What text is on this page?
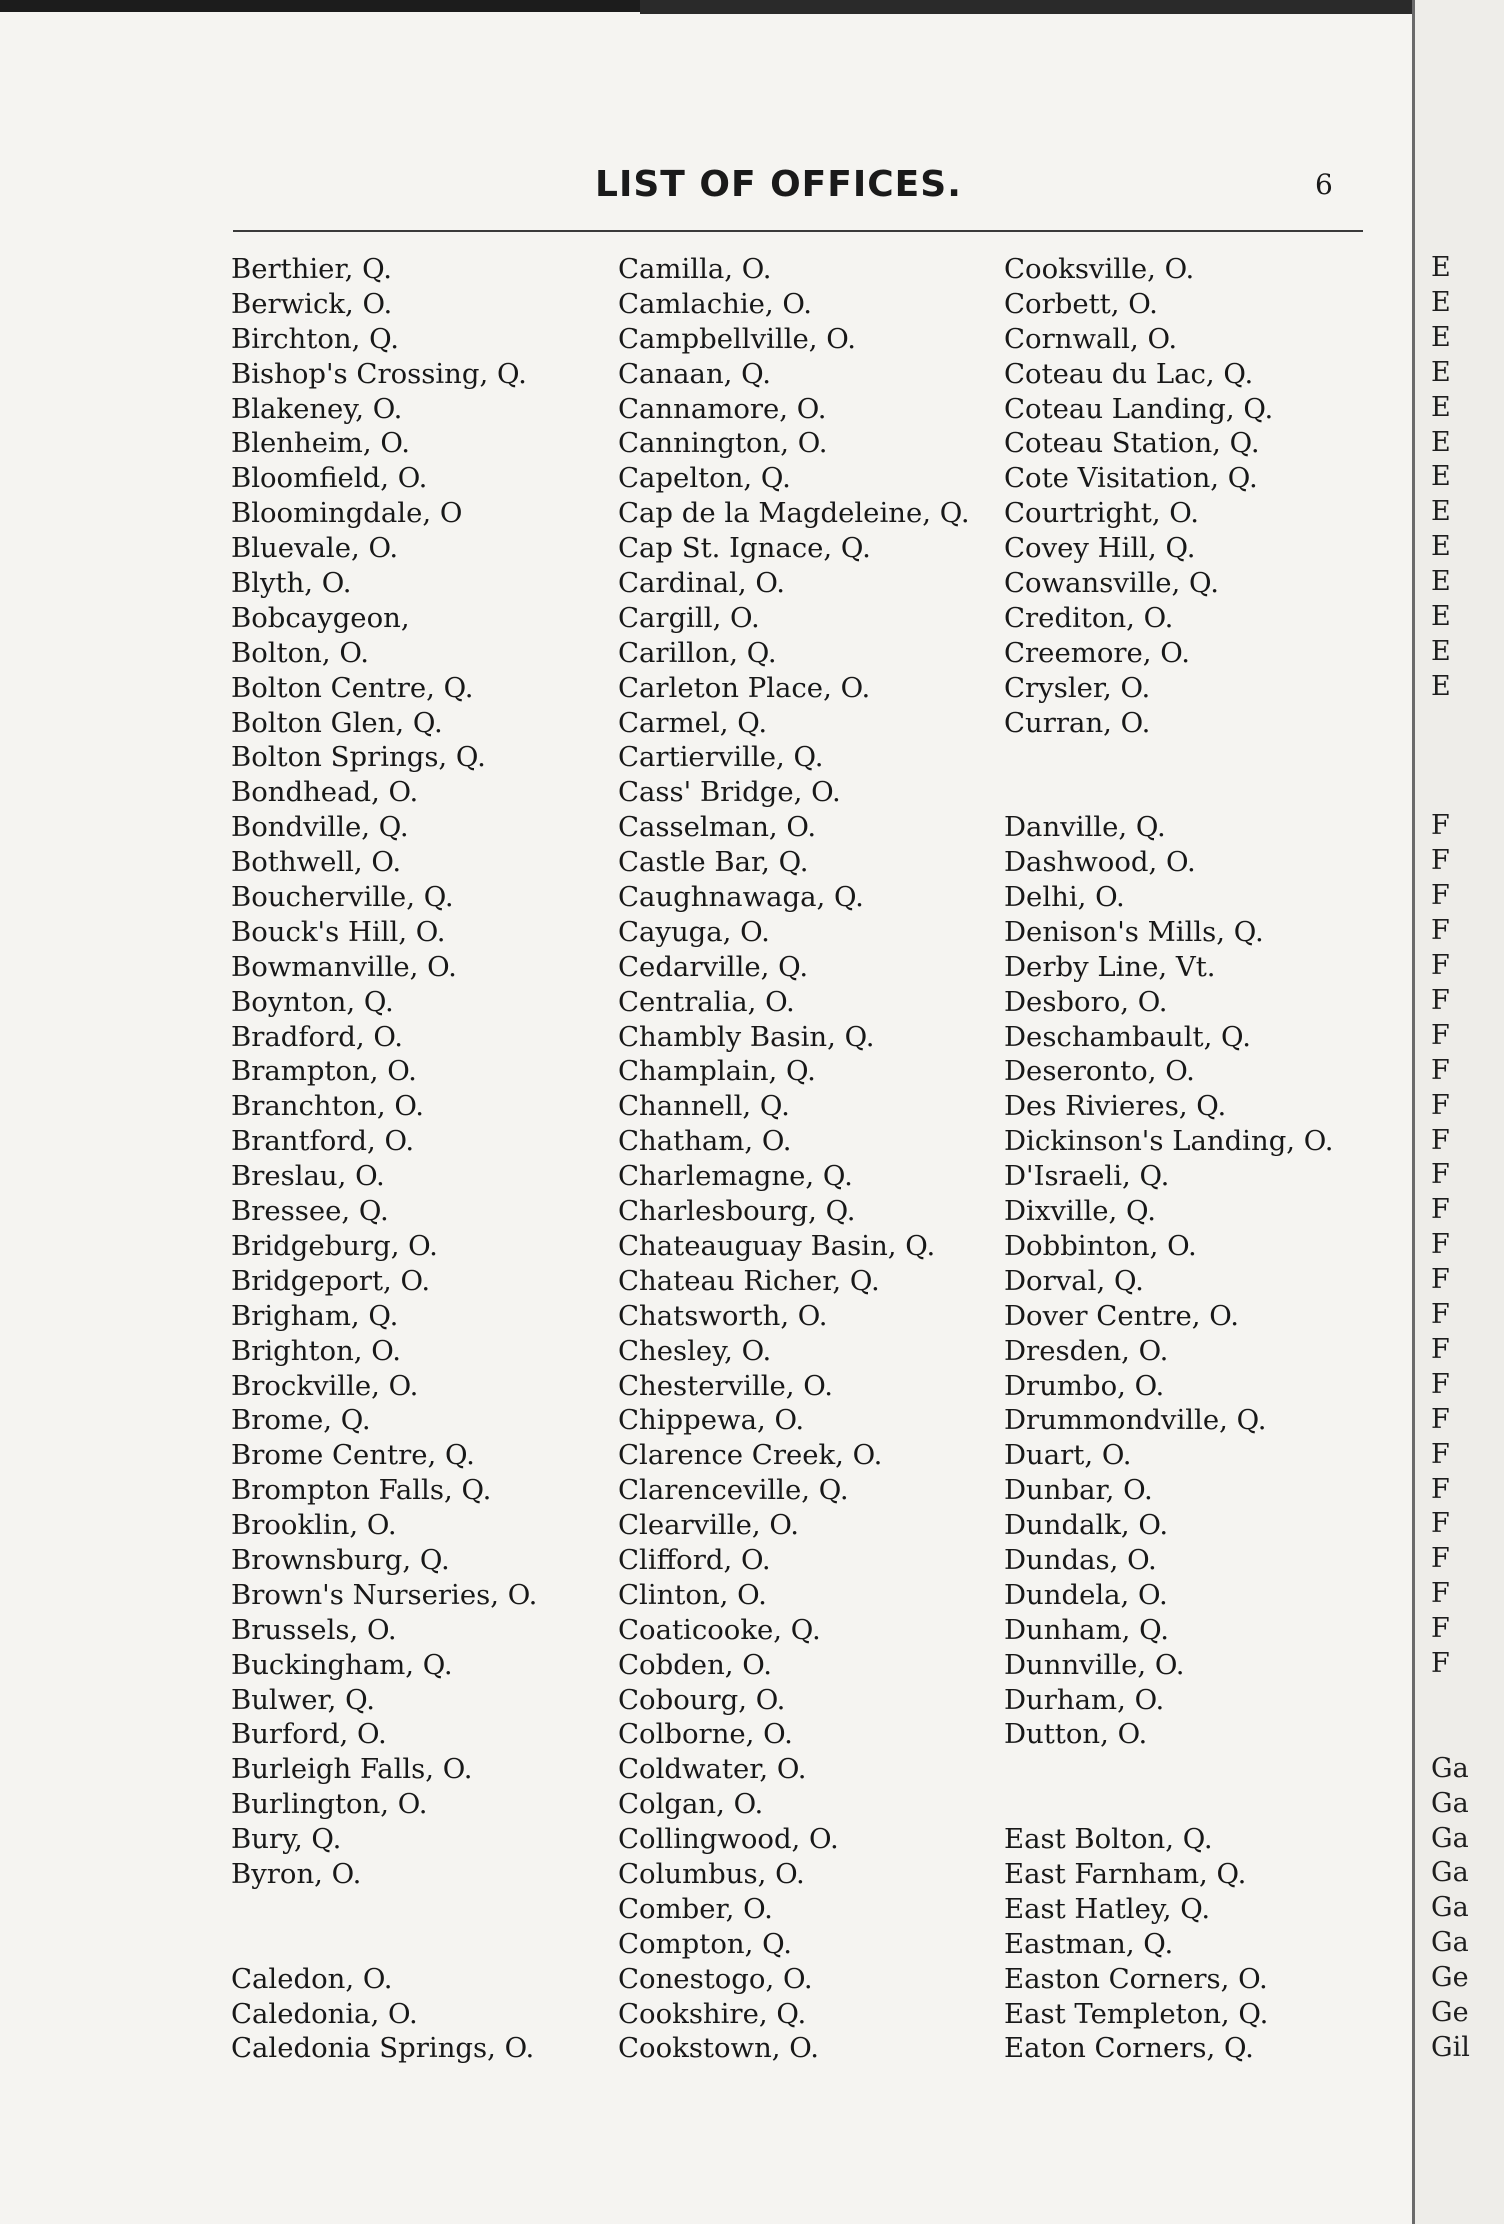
LIST OF OFFICES.	6
Berthier, Q.
Berwick, O.
Birchton, Q.
Bishop's Crossing, Q.
Blakeney, O.
Blenheim, O.
Bloomfield, O.
Bloomingdale, O
Bluevale, O.
Blyth, O.
Bobcaygeon,
Bolton, O.
Bolton Centre, Q.
Bolton Glen, Q.
Bolton Springs, Q.
Bondhead, O.
Bondville, Q.
Bothwell, O.
Boucherville, Q.
Bouck's Hill, O.
Bowmanville, O.
Boynton, Q.
Bradford, O.
Brampton, O.
Branchton, O.
Brantford, O.
Breslau, O.
Bressee, Q.
Bridgeburg, O.
Bridgeport, O.
Brigham, Q.
Brighton, O.
Brockville, O.
Brome, Q.
Brome Centre, Q.
Brompton Falls, Q.
Brooklin, O.
Brownsburg, Q.
Brown's Nurseries, O.
Brussels, O.
Buckingham, Q.
Bulwer, Q.
Burford, O.
Burleigh Falls, O.
Burlington, O.
Bury, Q.
Byron, O.
Caledon, O.
Caledonia, O.
Caledonia Springs, O.
Camilla, O.
Camlachie, O.
Campbellville, O.
Canaan, Q.
Cannamore, O.
Cannington, O.
Capelton, Q.
Cap de la Magdeleine, Q.
Cap St. Ignace, Q.
Cardinal, O.
Cargill, O.
Carillon, Q.
Carleton Place, O.
Carmel, Q.
Cartierville, Q.
Cass' Bridge, O.
Casselman, O.
Castle Bar, Q.
Caughnawaga, Q.
Cayuga, O.
Cedarville, Q.
Centralia, O.
Chambly Basin, Q.
Champlain, Q.
Channell, Q.
Chatham, O.
Charlemagne, Q.
Charlesbourg, Q.
Chateauguay Basin, Q.
Chateau Richer, Q.
Chatsworth, O.
Chesley, O.
Chesterville, O.
Chippewa, O.
Clarence Creek, O.
Clarenceville, Q.
Clearville, O.
Clifford, O.
Clinton, O.
Coaticooke, Q.
Cobden, O.
Cobourg, O.
Colborne, O.
Coldwater, O.
Colgan, O.
Collingwood, O.
Columbus, O.
Comber, O.
Compton, Q.
Conestogo, O.
Cookshire, Q.
Cookstown, O.
Cooksville, O.
Corbett, O.
Cornwall, O.
Coteau du Lac, Q.
Coteau Landing, Q.
Coteau Station, Q.
Cote Visitation, Q.
Courtright, O.
Covey Hill, Q.
Cowansville, Q.
Crediton, O.
Creemore, O.
Crysler, O.
Curran, O.
Danville, Q.
Dashwood, O.
Delhi, O.
Denison's Mills, Q.
Derby Line, Vt.
Desboro, O.
Deschambault, Q.
Deseronto, O.
Des Rivieres, Q.
Dickinson's Landing, O.
D'Israeli, Q.
Dixville, Q.
Dobbinton, O.
Dorval, Q.
Dover Centre, O.
Dresden, O.
Drumbo, O.
Drummondville, Q.
Duart, O.
Dunbar, O.
Dundalk, O.
Dundas, O.
Dundela, O.
Dunham, Q.
Dunnville, O.
Durham, O.
Dutton, O.
East Bolton, Q.
East Farnham, Q.
East Hatley, Q.
Eastman, Q.
Easton Corners, O.
East Templeton, Q.
Eaton Corners, Q.
E
E
E
E
E
E
E
E
E
E
E
E
E
F
F
F
F
F
F
F
F
F
F
F
F
F
F
F
F
F
F
F
F
F
F
F
F
F
Ga
Ga
Ga
Ga
Ga
Ga
Ge
Ge
Gil
